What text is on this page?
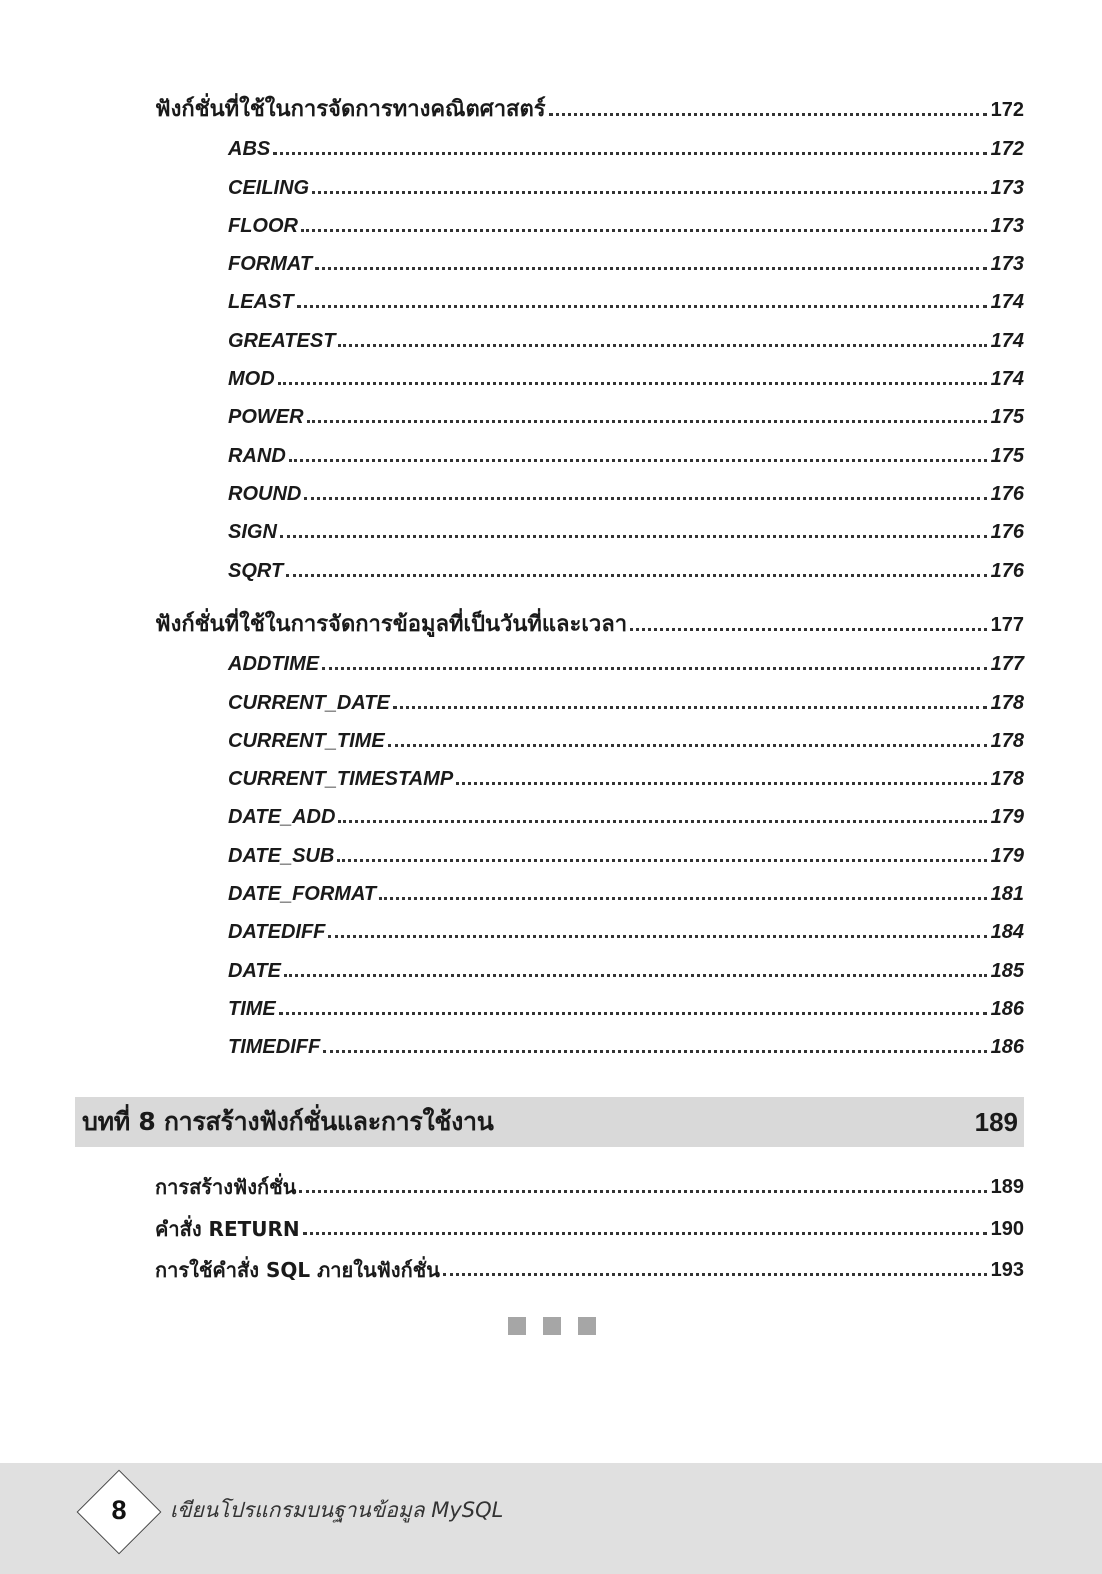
ฟังก์ชั่นที่ใช้ในการจัดการทางคณิตศาสตร์	172
ABS	172
CEILING	173
FLOOR	173
FORMAT	173
LEAST	174
GREATEST	174
MOD	174
POWER	175
RAND	175
ROUND	176
SIGN	176
SQRT	176
ฟังก์ชั่นที่ใช้ในการจัดการข้อมูลที่เป็นวันที่และเวลา	177
ADDTIME	177
CURRENT_DATE	178
CURRENT_TIME	178
CURRENT_TIMESTAMP	178
DATE_ADD	179
DATE_SUB	179
DATE_FORMAT	181
DATEDIFF	184
DATE	185
TIME	186
TIMEDIFF	186
บทที่ 8 การสร้างฟังก์ชั่นและการใช้งาน	189
การสร้างฟังก์ชั่น	189
คำสั่ง RETURN	190
การใช้คำสั่ง SQL ภายในฟังก์ชั่น	193
8	เขียนโปรแกรมบนฐานข้อมูล MySQL
